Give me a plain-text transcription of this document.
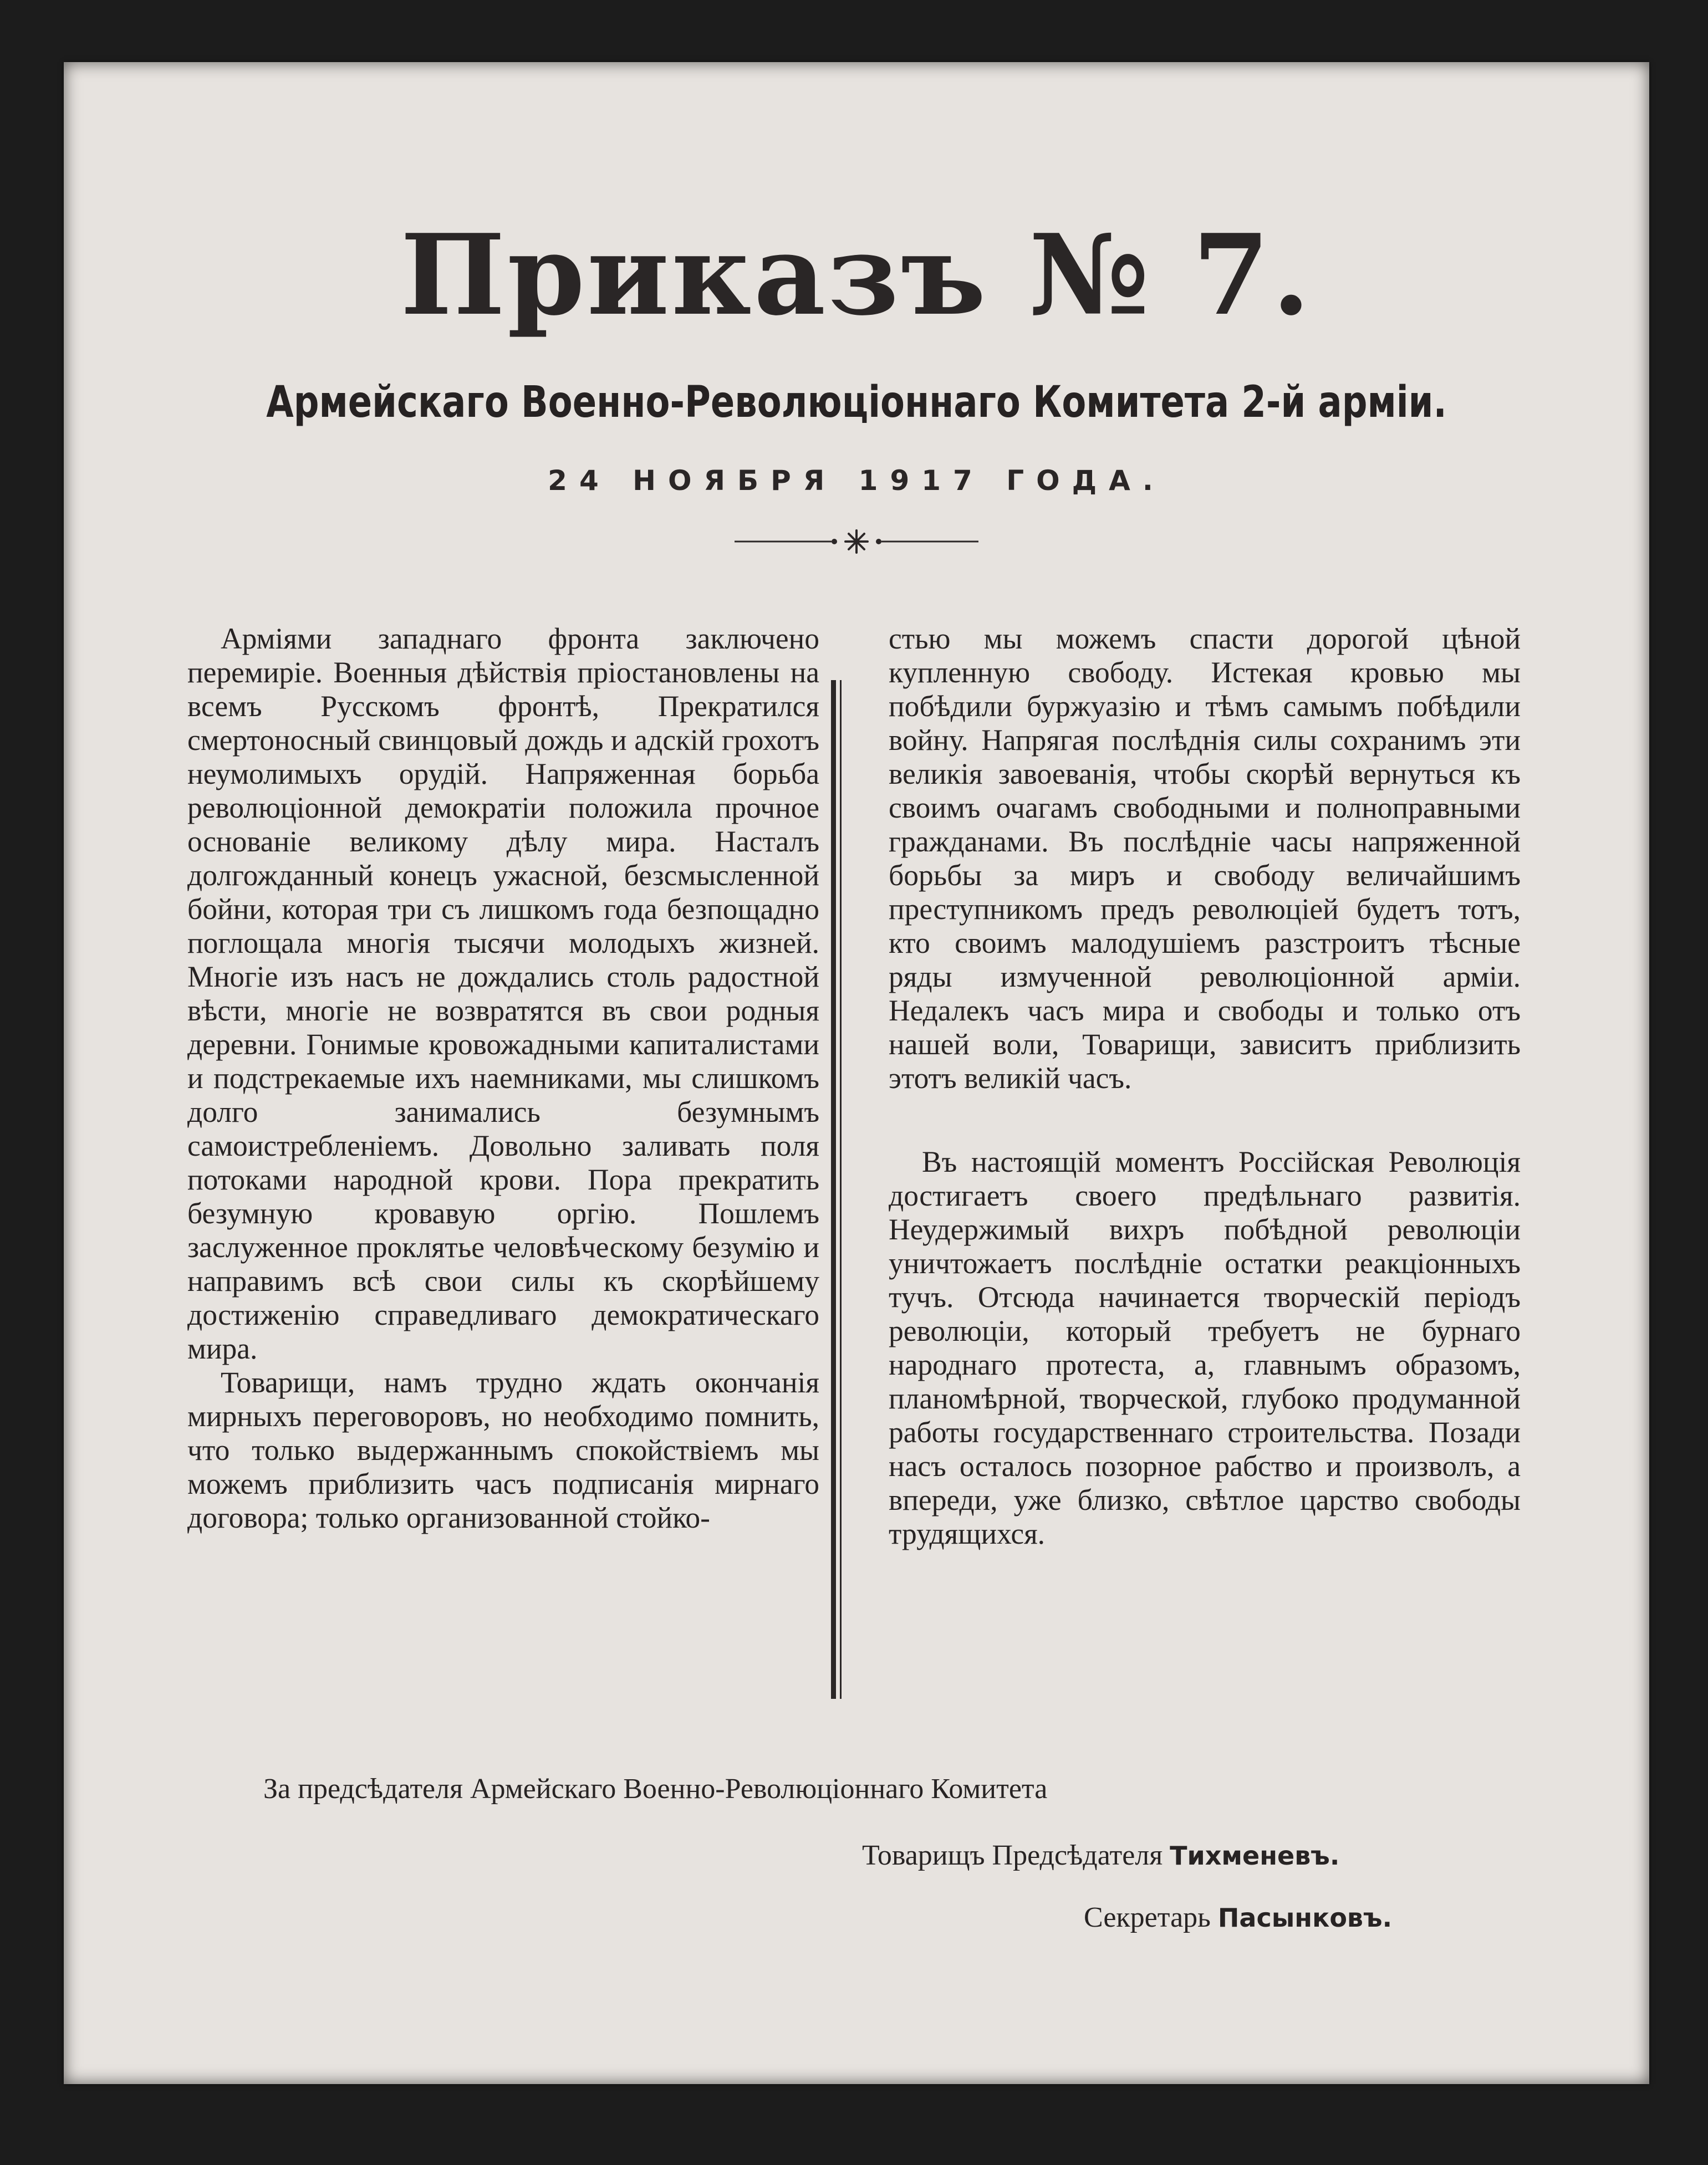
Приказъ № 7.
Армейскаго Военно-Революцiоннаго Комитета 2-й армiи.
24 НОЯБРЯ 1917 ГОДА.

Армiями западнаго фронта заключено перемирiе. Военныя дѣйствiя прiостановлены на всемъ Русскомъ фронтѣ, Прекратился смертоносный свинцовый дождь и адскiй грохотъ неумолимыхъ орудiй. Напряженная борьба революцiонной демократiи положила прочное основанiе великому дѣлу мира. Насталъ долгожданный конецъ ужасной, безсмысленной бойни, которая три съ лишкомъ года безпощадно поглощала многiя тысячи молодыхъ жизней. Многiе изъ насъ не дождались столь радостной вѣсти, многiе не возвратятся въ свои родныя деревни. Гонимые кровожадными капиталистами и подстрекаемые ихъ наемниками, мы слишкомъ долго занимались безумнымъ самоистребленiемъ. Довольно заливать поля потоками народной крови. Пора прекратить безумную кровавую оргiю. Пошлемъ заслуженное проклятье человѣческому безумiю и направимъ всѣ свои силы къ скорѣйшему достиженiю справедливаго демократическаго мира.

Товарищи, намъ трудно ждать окончанiя мирныхъ переговоровъ, но необходимо помнить, что только выдержаннымъ спокойствiемъ мы можемъ приблизить часъ подписанiя мирнаго договора; только организованной стойко-

стью мы можемъ спасти дорогой цѣной купленную свободу. Истекая кровью мы побѣдили буржуазiю и тѣмъ самымъ побѣдили войну. Напрягая послѣднiя силы сохранимъ эти великiя завоеванiя, чтобы скорѣй вернуться къ своимъ очагамъ свободными и полноправными гражданами. Въ послѣднiе часы напряженной борьбы за миръ и свободу величайшимъ преступникомъ предъ революцiей будетъ тотъ, кто своимъ малодушiемъ разстроитъ тѣсные ряды измученной революцiонной армiи. Недалекъ часъ мира и свободы и только отъ нашей воли, Товарищи, зависитъ приблизить этотъ великiй часъ.

Въ настоящiй моментъ Россiйская Революцiя достигаетъ своего предѣльнаго развитiя. Неудержимый вихръ побѣдной революцiи уничтожаетъ послѣднiе остатки реакцiонныхъ тучъ. Отсюда начинается творческiй перiодъ революцiи, который требуетъ не бурнаго народнаго протеста, а, главнымъ образомъ, планомѣрной, творческой, глубоко продуманной работы государственнаго строительства. Позади насъ осталось позорное рабство и произволъ, а впереди, уже близко, свѣтлое царство свободы трудящихся.

За предсѣдателя Армейскаго Военно-Революцiоннаго Комитета
Товарищъ Предсѣдателя Тихменевъ.
Секретарь Пасынковъ.
